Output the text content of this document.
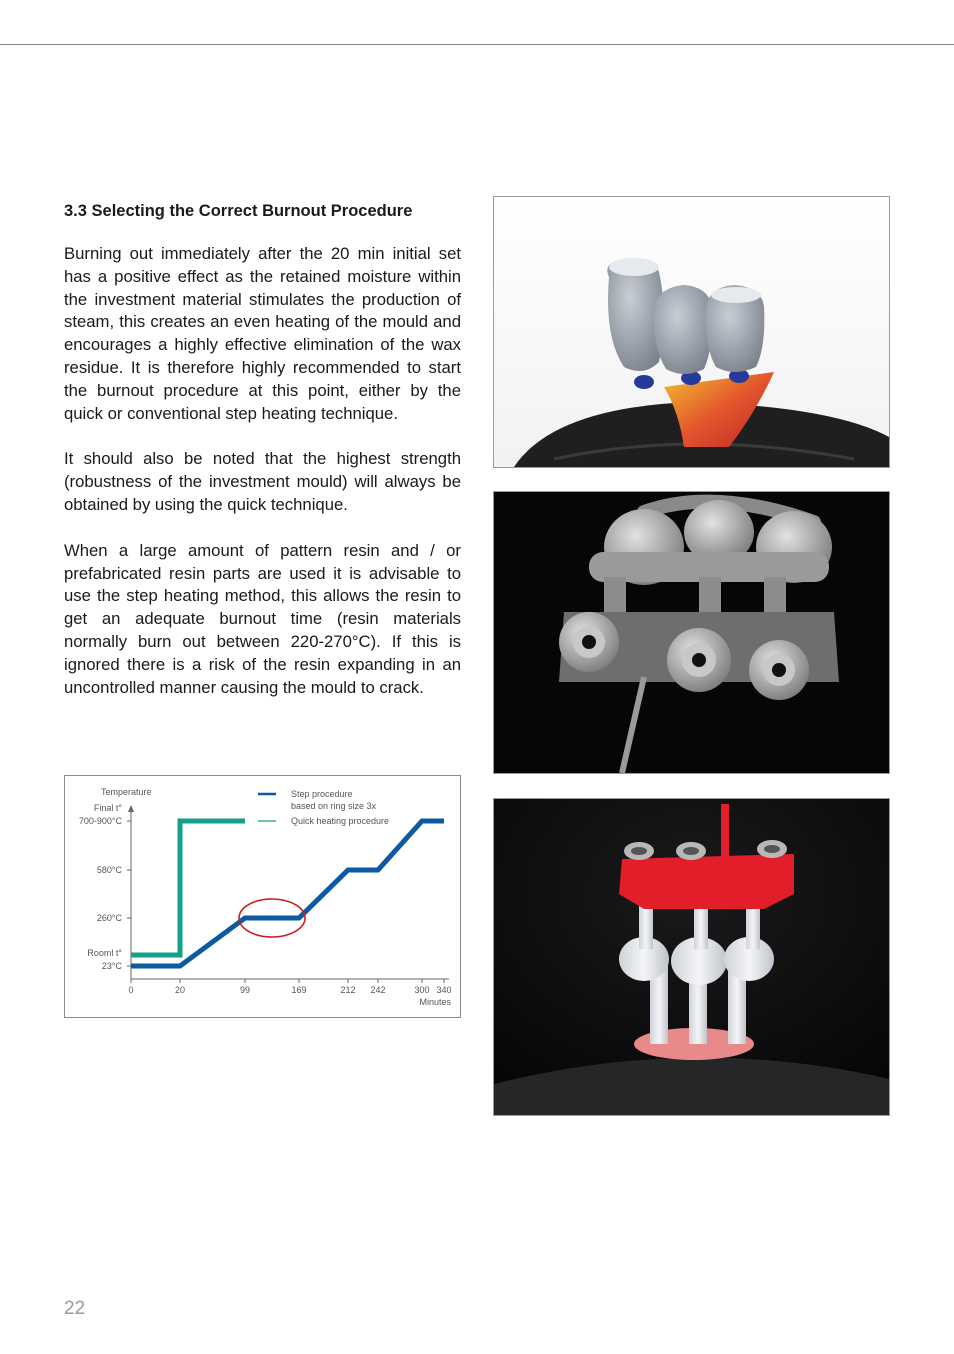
3.3 Selecting the Correct Burnout Procedure

Burning out immediately after the 20 min initial set has a positive effect as the retained moisture within the investment material stimulates the production of steam, this creates an even heating of the mould and encourages a highly effective elimination of the wax residue. It is therefore highly recommended to start the burnout procedure at this point, either by the quick or conventional step heating technique.

It should also be noted that the highest strength (robustness of the investment mould) will always be obtained by using the quick technique.

When a large amount of pattern resin and / or prefabricated resin parts are used it is advisable to use the step heating method, this allows the resin to get an adequate burnout time (resin materials normally burn out between 220-270°C). If this is ignored there is a risk of the resin expanding in an uncontrolled manner causing the mould to crack.

Temperature
Minutes
0	20	99	169	212 242	300 340
Rooml t°
23°C
260°C
580°C
Final t°
700-900°C
Step procedure
based on ring size 3x
Quick heating procedure
22
